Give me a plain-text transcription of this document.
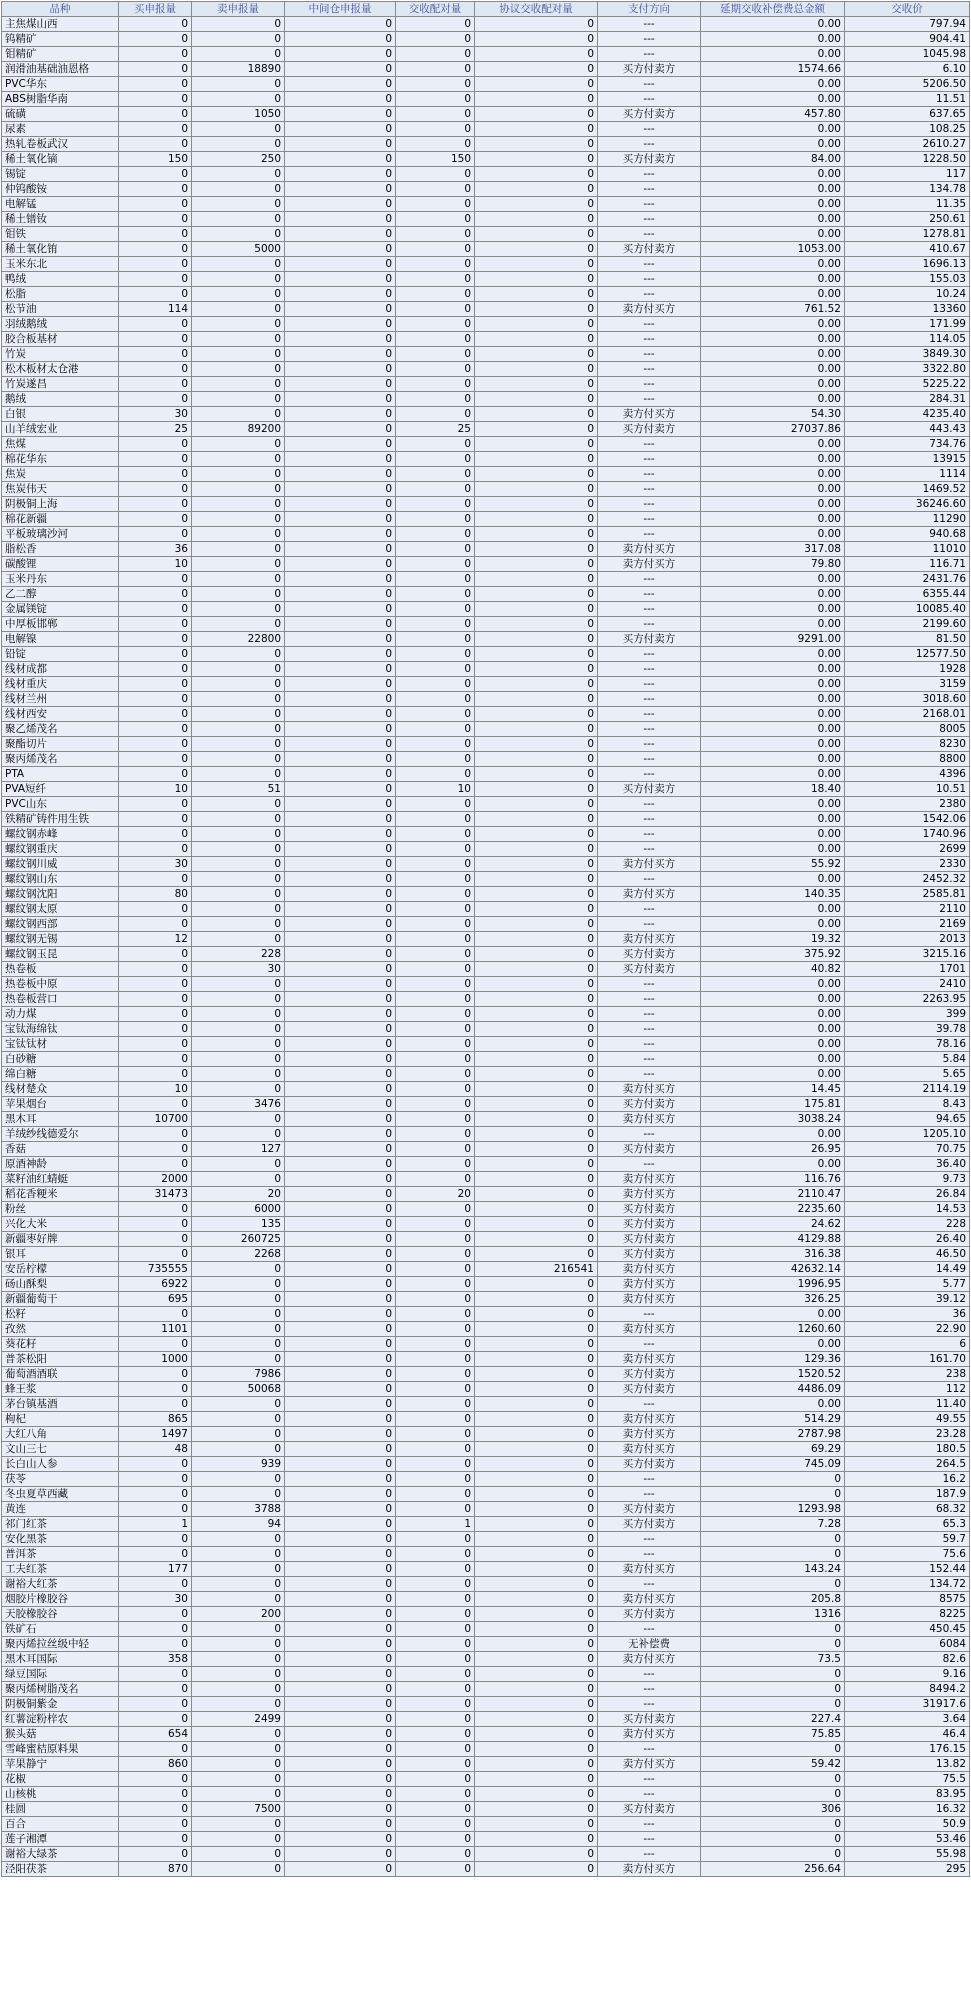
品种	买申报量	卖申报量	中间仓申报量	交收配对量	协议交收配对量	支付方向	延期交收补偿费总金额	交收价
主焦煤山西	0	0	0	0	0	---	0.00	797.94
钨精矿	0	0	0	0	0	---	0.00	904.41
钼精矿	0	0	0	0	0	---	0.00	1045.98
润滑油基础油恩格	0	18890	0	0	0	买方付卖方	1574.66	6.10
PVC华东	0	0	0	0	0	---	0.00	5206.50
ABS树脂华南	0	0	0	0	0	---	0.00	11.51
硫磺	0	1050	0	0	0	买方付卖方	457.80	637.65
尿素	0	0	0	0	0	---	0.00	108.25
热轧卷板武汉	0	0	0	0	0	---	0.00	2610.27
稀土氧化镝	150	250	0	150	0	买方付卖方	84.00	1228.50
锡锭	0	0	0	0	0	---	0.00	117
仲钨酸铵	0	0	0	0	0	---	0.00	134.78
电解锰	0	0	0	0	0	---	0.00	11.35
稀土镨钕	0	0	0	0	0	---	0.00	250.61
钼铁	0	0	0	0	0	---	0.00	1278.81
稀土氧化铕	0	5000	0	0	0	买方付卖方	1053.00	410.67
玉米东北	0	0	0	0	0	---	0.00	1696.13
鸭绒	0	0	0	0	0	---	0.00	155.03
松脂	0	0	0	0	0	---	0.00	10.24
松节油	114	0	0	0	0	卖方付买方	761.52	13360
羽绒鹅绒	0	0	0	0	0	---	0.00	171.99
胶合板基材	0	0	0	0	0	---	0.00	114.05
竹炭	0	0	0	0	0	---	0.00	3849.30
松木板材太仓港	0	0	0	0	0	---	0.00	3322.80
竹炭遂昌	0	0	0	0	0	---	0.00	5225.22
鹅绒	0	0	0	0	0	---	0.00	284.31
白银	30	0	0	0	0	卖方付买方	54.30	4235.40
山羊绒宏业	25	89200	0	25	0	买方付卖方	27037.86	443.43
焦煤	0	0	0	0	0	---	0.00	734.76
棉花华东	0	0	0	0	0	---	0.00	13915
焦炭	0	0	0	0	0	---	0.00	1114
焦炭伟天	0	0	0	0	0	---	0.00	1469.52
阴极铜上海	0	0	0	0	0	---	0.00	36246.60
棉花新疆	0	0	0	0	0	---	0.00	11290
平板玻璃沙河	0	0	0	0	0	---	0.00	940.68
脂松香	36	0	0	0	0	卖方付买方	317.08	11010
碳酸锂	10	0	0	0	0	卖方付买方	79.80	116.71
玉米丹东	0	0	0	0	0	---	0.00	2431.76
乙二醇	0	0	0	0	0	---	0.00	6355.44
金属镁锭	0	0	0	0	0	---	0.00	10085.40
中厚板邯郸	0	0	0	0	0	---	0.00	2199.60
电解镍	0	22800	0	0	0	买方付卖方	9291.00	81.50
铅锭	0	0	0	0	0	---	0.00	12577.50
线材成都	0	0	0	0	0	---	0.00	1928
线材重庆	0	0	0	0	0	---	0.00	3159
线材兰州	0	0	0	0	0	---	0.00	3018.60
线材西安	0	0	0	0	0	---	0.00	2168.01
聚乙烯茂名	0	0	0	0	0	---	0.00	8005
聚酯切片	0	0	0	0	0	---	0.00	8230
聚丙烯茂名	0	0	0	0	0	---	0.00	8800
PTA	0	0	0	0	0	---	0.00	4396
PVA短纤	10	51	0	10	0	买方付卖方	18.40	10.51
PVC山东	0	0	0	0	0	---	0.00	2380
铁精矿铸件用生铁	0	0	0	0	0	---	0.00	1542.06
螺纹钢赤峰	0	0	0	0	0	---	0.00	1740.96
螺纹钢重庆	0	0	0	0	0	---	0.00	2699
螺纹钢川威	30	0	0	0	0	卖方付买方	55.92	2330
螺纹钢山东	0	0	0	0	0	---	0.00	2452.32
螺纹钢沈阳	80	0	0	0	0	卖方付买方	140.35	2585.81
螺纹钢太原	0	0	0	0	0	---	0.00	2110
螺纹钢西部	0	0	0	0	0	---	0.00	2169
螺纹钢无锡	12	0	0	0	0	卖方付买方	19.32	2013
螺纹钢玉昆	0	228	0	0	0	买方付卖方	375.92	3215.16
热卷板	0	30	0	0	0	买方付卖方	40.82	1701
热卷板中原	0	0	0	0	0	---	0.00	2410
热卷板营口	0	0	0	0	0	---	0.00	2263.95
动力煤	0	0	0	0	0	---	0.00	399
宝钛海绵钛	0	0	0	0	0	---	0.00	39.78
宝钛钛材	0	0	0	0	0	---	0.00	78.16
白砂糖	0	0	0	0	0	---	0.00	5.84
绵白糖	0	0	0	0	0	---	0.00	5.65
线材楚众	10	0	0	0	0	卖方付买方	14.45	2114.19
苹果烟台	0	3476	0	0	0	买方付卖方	175.81	8.43
黑木耳	10700	0	0	0	0	卖方付买方	3038.24	94.65
羊绒纱线德爱尔	0	0	0	0	0	---	0.00	1205.10
香菇	0	127	0	0	0	买方付卖方	26.95	70.75
原酒神龄	0	0	0	0	0	---	0.00	36.40
菜籽油红蜻蜓	2000	0	0	0	0	卖方付买方	116.76	9.73
稻花香粳米	31473	20	0	20	0	卖方付买方	2110.47	26.84
粉丝	0	6000	0	0	0	买方付卖方	2235.60	14.53
兴化大米	0	135	0	0	0	买方付卖方	24.62	228
新疆枣好牌	0	260725	0	0	0	买方付卖方	4129.88	26.40
银耳	0	2268	0	0	0	买方付卖方	316.38	46.50
安岳柠檬	735555	0	0	0	216541	卖方付买方	42632.14	14.49
砀山酥梨	6922	0	0	0	0	卖方付买方	1996.95	5.77
新疆葡萄干	695	0	0	0	0	卖方付买方	326.25	39.12
松籽	0	0	0	0	0	---	0.00	36
孜然	1101	0	0	0	0	卖方付买方	1260.60	22.90
葵花籽	0	0	0	0	0	---	0.00	6
普茶松阳	1000	0	0	0	0	卖方付买方	129.36	161.70
葡萄酒酒联	0	7986	0	0	0	买方付卖方	1520.52	238
蜂王浆	0	50068	0	0	0	买方付卖方	4486.09	112
茅台镇基酒	0	0	0	0	0	---	0.00	11.40
枸杞	865	0	0	0	0	卖方付买方	514.29	49.55
大红八角	1497	0	0	0	0	卖方付买方	2787.98	23.28
文山三七	48	0	0	0	0	卖方付买方	69.29	180.5
长白山人参	0	939	0	0	0	买方付卖方	745.09	264.5
茯苓	0	0	0	0	0	---	0	16.2
冬虫夏草西藏	0	0	0	0	0	---	0	187.9
黄连	0	3788	0	0	0	买方付卖方	1293.98	68.32
祁门红茶	1	94	0	1	0	买方付卖方	7.28	65.3
安化黑茶	0	0	0	0	0	---	0	59.7
普洱茶	0	0	0	0	0	---	0	75.6
工夫红茶	177	0	0	0	0	卖方付买方	143.24	152.44
谢裕大红茶	0	0	0	0	0	---	0	134.72
烟胶片橡胶谷	30	0	0	0	0	卖方付买方	205.8	8575
天胶橡胶谷	0	200	0	0	0	买方付卖方	1316	8225
铁矿石	0	0	0	0	0	---	0	450.45
聚丙烯拉丝级中轻	0	0	0	0	0	无补偿费	0	6084
黑木耳国际	358	0	0	0	0	卖方付买方	73.5	82.6
绿豆国际	0	0	0	0	0	---	0	9.16
聚丙烯树脂茂名	0	0	0	0	0	---	0	8494.2
阴极铜紫金	0	0	0	0	0	---	0	31917.6
红薯淀粉梓农	0	2499	0	0	0	买方付卖方	227.4	3.64
猴头菇	654	0	0	0	0	卖方付买方	75.85	46.4
雪峰蜜桔原料果	0	0	0	0	0	---	0	176.15
苹果静宁	860	0	0	0	0	卖方付买方	59.42	13.82
花椒	0	0	0	0	0	---	0	75.5
山核桃	0	0	0	0	0	---	0	83.95
桂圆	0	7500	0	0	0	买方付卖方	306	16.32
百合	0	0	0	0	0	---	0	50.9
莲子湘潭	0	0	0	0	0	---	0	53.46
谢裕大绿茶	0	0	0	0	0	---	0	55.98
泾阳茯茶	870	0	0	0	0	卖方付买方	256.64	295
